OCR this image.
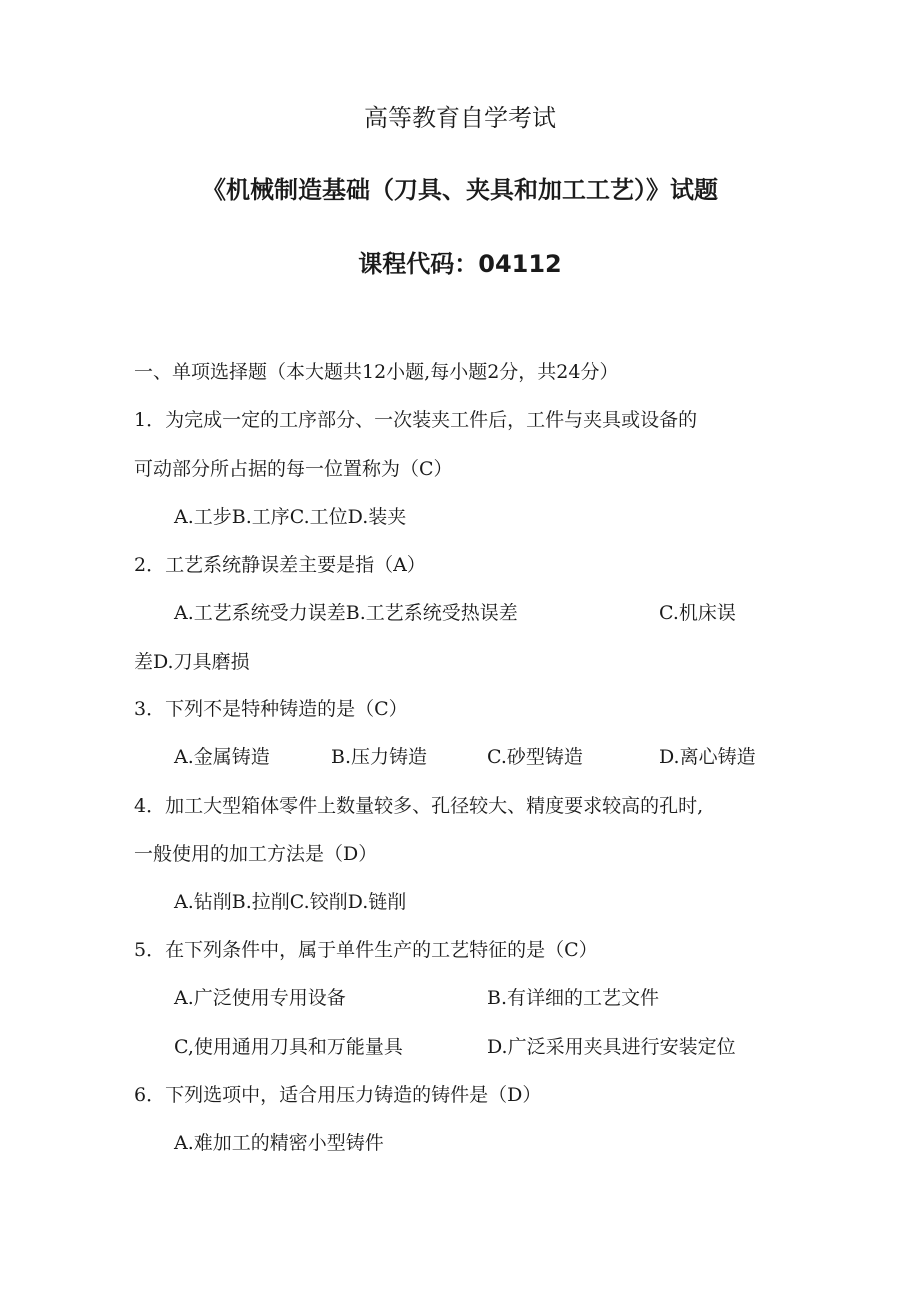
高等教育自学考试
《机械制造基础（刀具、夹具和加工工艺）》试题
课程代码：04112
一、单项选择题（本大题共12小题,每小题2分，共24分）
1．为完成一定的工序部分、一次装夹工件后，工件与夹具或设备的
可动部分所占据的每一位置称为（C）
A.工步B.工序C.工位D.装夹
2．工艺系统静误差主要是指（A）
A.工艺系统受力误差B.工艺系统受热误差	C.机床误
差D.刀具磨损
3．下列不是特种铸造的是（C）
A.金属铸造	B.压力铸造	C.砂型铸造	D.离心铸造
4．加工大型箱体零件上数量较多、孔径较大、精度要求较高的孔时,
一般使用的加工方法是（D）
A.钻削B.拉削C.铰削D.链削
5．在下列条件中，属于单件生产的工艺特征的是（C）
A.广泛使用专用设备	B.有详细的工艺文件
C,使用通用刀具和万能量具	D.广泛采用夹具进行安装定位
6．下列选项中，适合用压力铸造的铸件是（D）
A.难加工的精密小型铸件
